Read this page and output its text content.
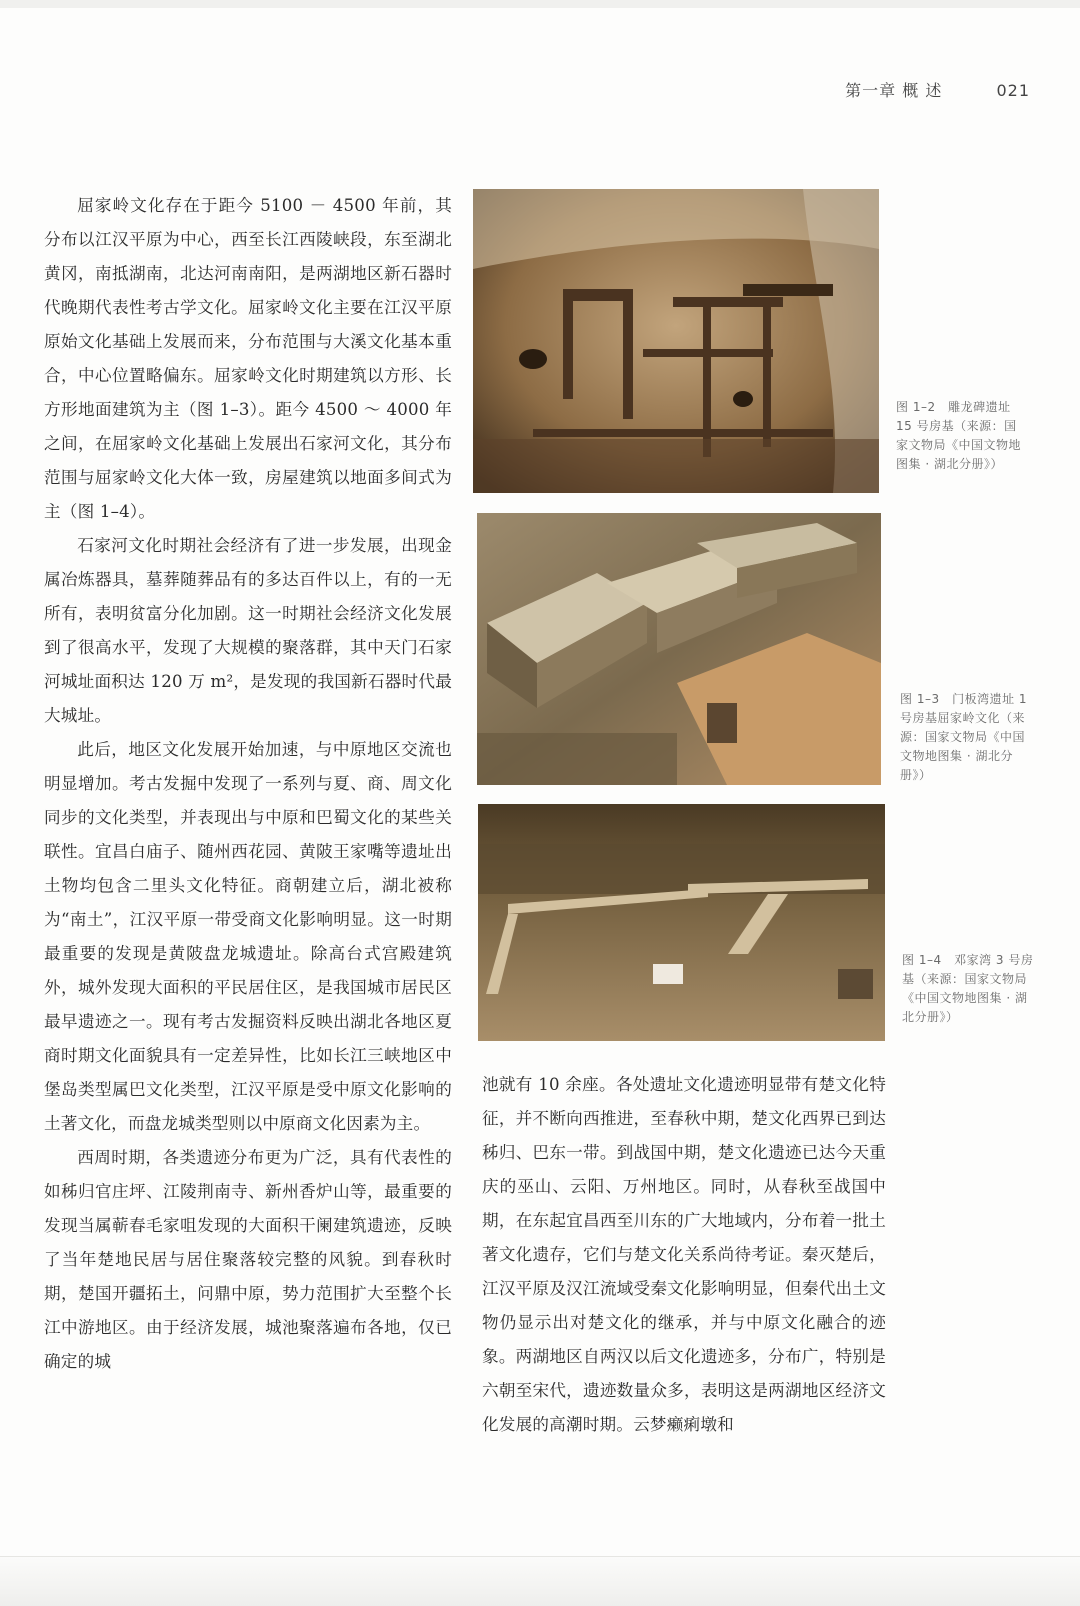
第一章 概 述	021

屈家岭文化存在于距今 5100 － 4500 年前，其分布以江汉平原为中心，西至长江西陵峡段，东至湖北黄冈，南抵湖南，北达河南南阳，是两湖地区新石器时代晚期代表性考古学文化。屈家岭文化主要在江汉平原原始文化基础上发展而来，分布范围与大溪文化基本重合，中心位置略偏东。屈家岭文化时期建筑以方形、长方形地面建筑为主（图 1–3）。距今 4500 ～ 4000 年之间，在屈家岭文化基础上发展出石家河文化，其分布范围与屈家岭文化大体一致，房屋建筑以地面多间式为主（图 1–4）。

石家河文化时期社会经济有了进一步发展，出现金属冶炼器具，墓葬随葬品有的多达百件以上，有的一无所有，表明贫富分化加剧。这一时期社会经济文化发展到了很高水平，发现了大规模的聚落群，其中天门石家河城址面积达 120 万 m²，是发现的我国新石器时代最大城址。

此后，地区文化发展开始加速，与中原地区交流也明显增加。考古发掘中发现了一系列与夏、商、周文化同步的文化类型，并表现出与中原和巴蜀文化的某些关联性。宜昌白庙子、随州西花园、黄陂王家嘴等遗址出土物均包含二里头文化特征。商朝建立后，湖北被称为“南土”，江汉平原一带受商文化影响明显。这一时期最重要的发现是黄陂盘龙城遗址。除高台式宫殿建筑外，城外发现大面积的平民居住区，是我国城市居民区最早遗迹之一。现有考古发掘资料反映出湖北各地区夏商时期文化面貌具有一定差异性，比如长江三峡地区中堡岛类型属巴文化类型，江汉平原是受中原文化影响的土著文化，而盘龙城类型则以中原商文化因素为主。

西周时期，各类遗迹分布更为广泛，具有代表性的如秭归官庄坪、江陵荆南寺、新州香炉山等，最重要的发现当属蕲春毛家咀发现的大面积干阑建筑遗迹，反映了当年楚地民居与居住聚落较完整的风貌。到春秋时期，楚国开疆拓土，问鼎中原，势力范围扩大至整个长江中游地区。由于经济发展，城池聚落遍布各地，仅已确定的城

图 1–2　雕龙碑遗址 15 号房基（来源：国家文物局《中国文物地图集 · 湖北分册》）
图 1–3　门板湾遗址 1 号房基屈家岭文化（来源：国家文物局《中国文物地图集 · 湖北分册》）
图 1–4　邓家湾 3 号房基（来源：国家文物局《中国文物地图集 · 湖北分册》）

池就有 10 余座。各处遗址文化遗迹明显带有楚文化特征，并不断向西推进，至春秋中期，楚文化西界已到达秭归、巴东一带。到战国中期，楚文化遗迹已达今天重庆的巫山、云阳、万州地区。同时，从春秋至战国中期，在东起宜昌西至川东的广大地域内，分布着一批土著文化遗存，它们与楚文化关系尚待考证。秦灭楚后，江汉平原及汉江流域受秦文化影响明显，但秦代出土文物仍显示出对楚文化的继承，并与中原文化融合的迹象。两湖地区自两汉以后文化遗迹多，分布广，特别是六朝至宋代，遗迹数量众多，表明这是两湖地区经济文化发展的高潮时期。云梦癞痢墩和
